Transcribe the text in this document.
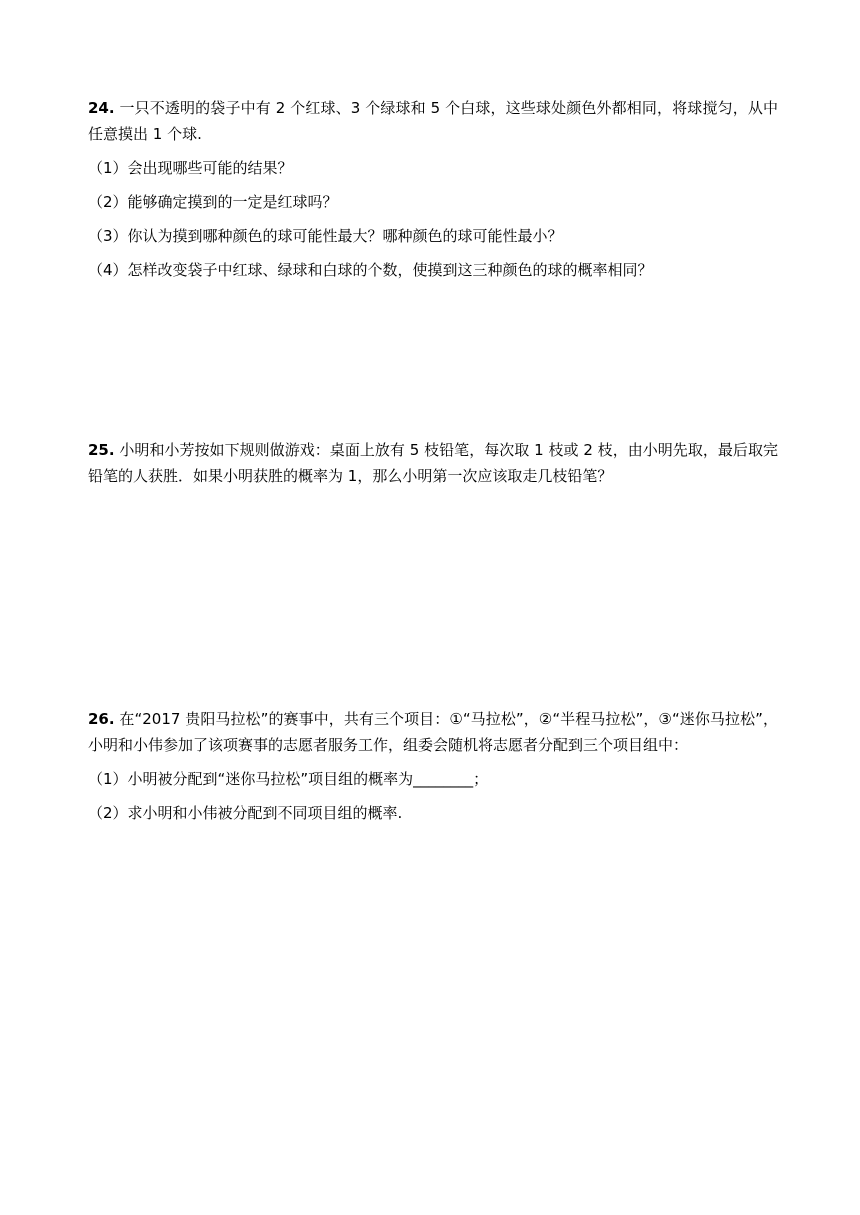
24. 一只不透明的袋子中有 2 个红球、3 个绿球和 5 个白球，这些球处颜色外都相同，将球搅匀，从中任意摸出 1 个球.

（1）会出现哪些可能的结果？

（2）能够确定摸到的一定是红球吗？

（3）你认为摸到哪种颜色的球可能性最大？哪种颜色的球可能性最小？

（4）怎样改变袋子中红球、绿球和白球的个数，使摸到这三种颜色的球的概率相同？

25. 小明和小芳按如下规则做游戏：桌面上放有 5 枝铅笔，每次取 1 枝或 2 枝，由小明先取，最后取完铅笔的人获胜．如果小明获胜的概率为 1，那么小明第一次应该取走几枝铅笔？

26. 在“2017 贵阳马拉松”的赛事中，共有三个项目：①“马拉松”，②“半程马拉松”，③“迷你马拉松”，小明和小伟参加了该项赛事的志愿者服务工作，组委会随机将志愿者分配到三个项目组中：

（1）小明被分配到“迷你马拉松”项目组的概率为________；

（2）求小明和小伟被分配到不同项目组的概率.
